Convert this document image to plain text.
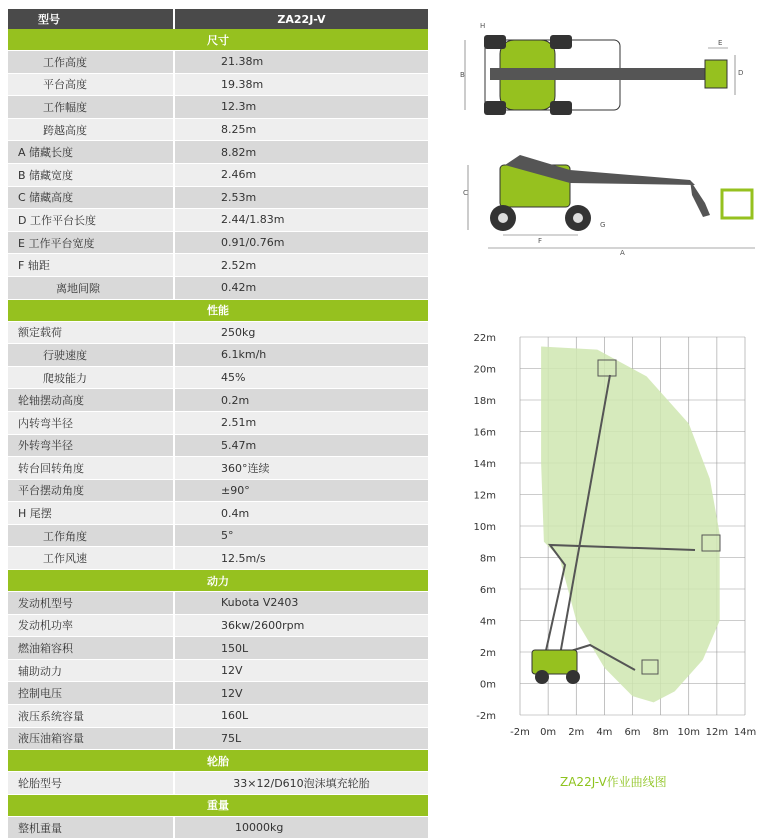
型号	ZA22J-V
尺寸
工作高度	21.38m
平台高度	19.38m
工作幅度	12.3m
跨越高度	8.25m
A 储藏长度	8.82m
B 储藏宽度	2.46m
C 储藏高度	2.53m
D 工作平台长度	2.44/1.83m
E 工作平台宽度	0.91/0.76m
F 轴距	2.52m
离地间隙	0.42m
性能
额定载荷	250kg
行驶速度	6.1km/h
爬坡能力	45%
轮轴摆动高度	0.2m
内转弯半径	2.51m
外转弯半径	5.47m
转台回转角度	360°连续
平台摆动角度	±90°
H 尾摆	0.4m
工作角度	5°
工作风速	12.5m/s
动力
发动机型号	Kubota V2403
发动机功率	36kw/2600rpm
燃油箱容积	150L
辅助动力	12V
控制电压	12V
液压系统容量	160L
液压油箱容量	75L
轮胎
轮胎型号	33×12/D610泡沫填充轮胎
重量
整机重量	10000kg
B
H
E
D
C
F
G
A
-2m 0m 2m 4m 6m 8m 10m 12m 14m
22m
20m
18m
16m
14m
12m
10m
8m
6m
4m
2m
0m
-2m
ZA22J-V作业曲线图
